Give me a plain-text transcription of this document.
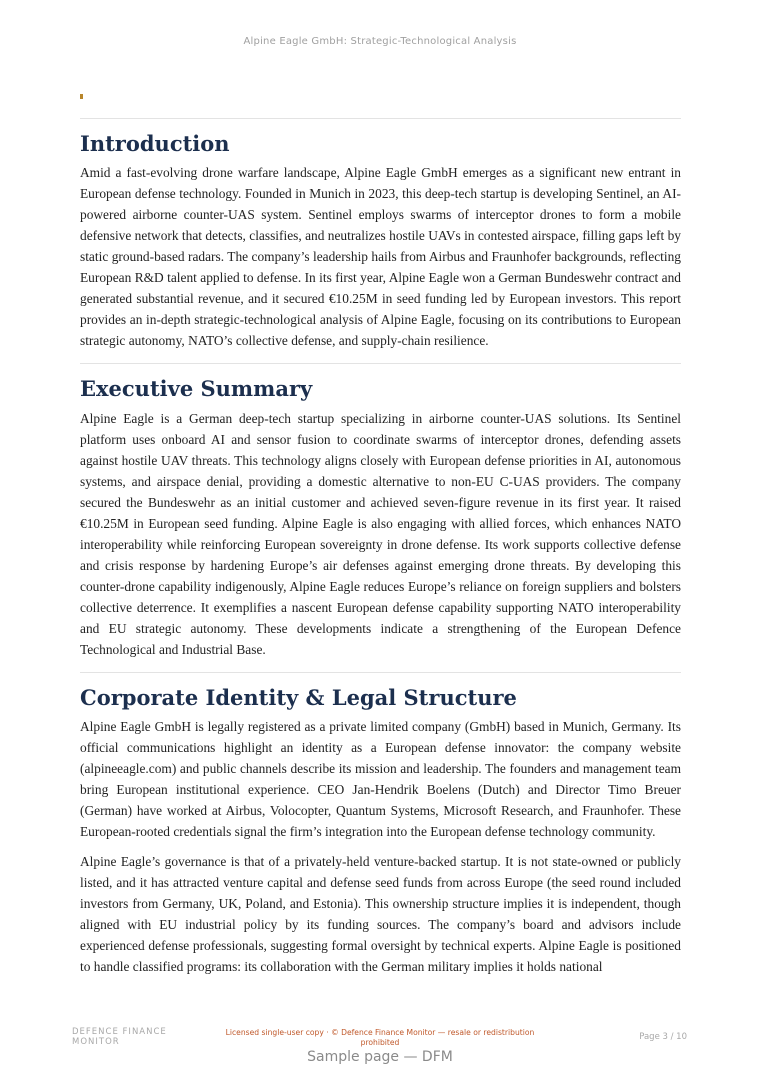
Alpine Eagle GmbH: Strategic-Technological Analysis
Introduction

Amid a fast-evolving drone warfare landscape, Alpine Eagle GmbH emerges as a significant new entrant in European defense technology. Founded in Munich in 2023, this deep-tech startup is developing Sentinel, an AI-powered airborne counter-UAS system. Sentinel employs swarms of interceptor drones to form a mobile defensive network that detects, classifies, and neutralizes hostile UAVs in contested airspace, filling gaps left by static ground-based radars. The company’s leadership hails from Airbus and Fraunhofer backgrounds, reflecting European R&D talent applied to defense. In its first year, Alpine Eagle won a German Bundeswehr contract and generated substantial revenue, and it secured €10.25M in seed funding led by European investors. This report provides an in-depth strategic-technological analysis of Alpine Eagle, focusing on its contributions to European strategic autonomy, NATO’s collective defense, and supply-chain resilience.

Executive Summary

Alpine Eagle is a German deep-tech startup specializing in airborne counter-UAS solutions. Its Sentinel platform uses onboard AI and sensor fusion to coordinate swarms of interceptor drones, defending assets against hostile UAV threats. This technology aligns closely with European defense priorities in AI, autonomous systems, and airspace denial, providing a domestic alternative to non-EU C-UAS providers. The company secured the Bundeswehr as an initial customer and achieved seven-figure revenue in its first year. It raised €10.25M in European seed funding. Alpine Eagle is also engaging with allied forces, which enhances NATO interoperability while reinforcing European sovereignty in drone defense. Its work supports collective defense and crisis response by hardening Europe’s air defenses against emerging drone threats. By developing this counter-drone capability indigenously, Alpine Eagle reduces Europe’s reliance on foreign suppliers and bolsters collective deterrence. It exemplifies a nascent European defense capability supporting NATO interoperability and EU strategic autonomy. These developments indicate a strengthening of the European Defence Technological and Industrial Base.

Corporate Identity & Legal Structure

Alpine Eagle GmbH is legally registered as a private limited company (GmbH) based in Munich, Germany. Its official communications highlight an identity as a European defense innovator: the company website (alpineeagle.com) and public channels describe its mission and leadership. The founders and management team bring European institutional experience. CEO Jan-Hendrik Boelens (Dutch) and Director Timo Breuer (German) have worked at Airbus, Volocopter, Quantum Systems, Microsoft Research, and Fraunhofer. These European-rooted credentials signal the firm’s integration into the European defense technology community.

Alpine Eagle’s governance is that of a privately-held venture-backed startup. It is not state-owned or publicly listed, and it has attracted venture capital and defense seed funds from across Europe (the seed round included investors from Germany, UK, Poland, and Estonia). This ownership structure implies it is independent, though aligned with EU industrial policy by its funding sources. The company’s board and advisors include experienced defense professionals, suggesting formal oversight by technical experts. Alpine Eagle is positioned to handle classified programs: its collaboration with the German military implies it holds national

DEFENCE FINANCE MONITOR
Licensed single-user copy · © Defence Finance Monitor — resale or redistribution prohibited
Page 3 / 10
Sample page — DFM
